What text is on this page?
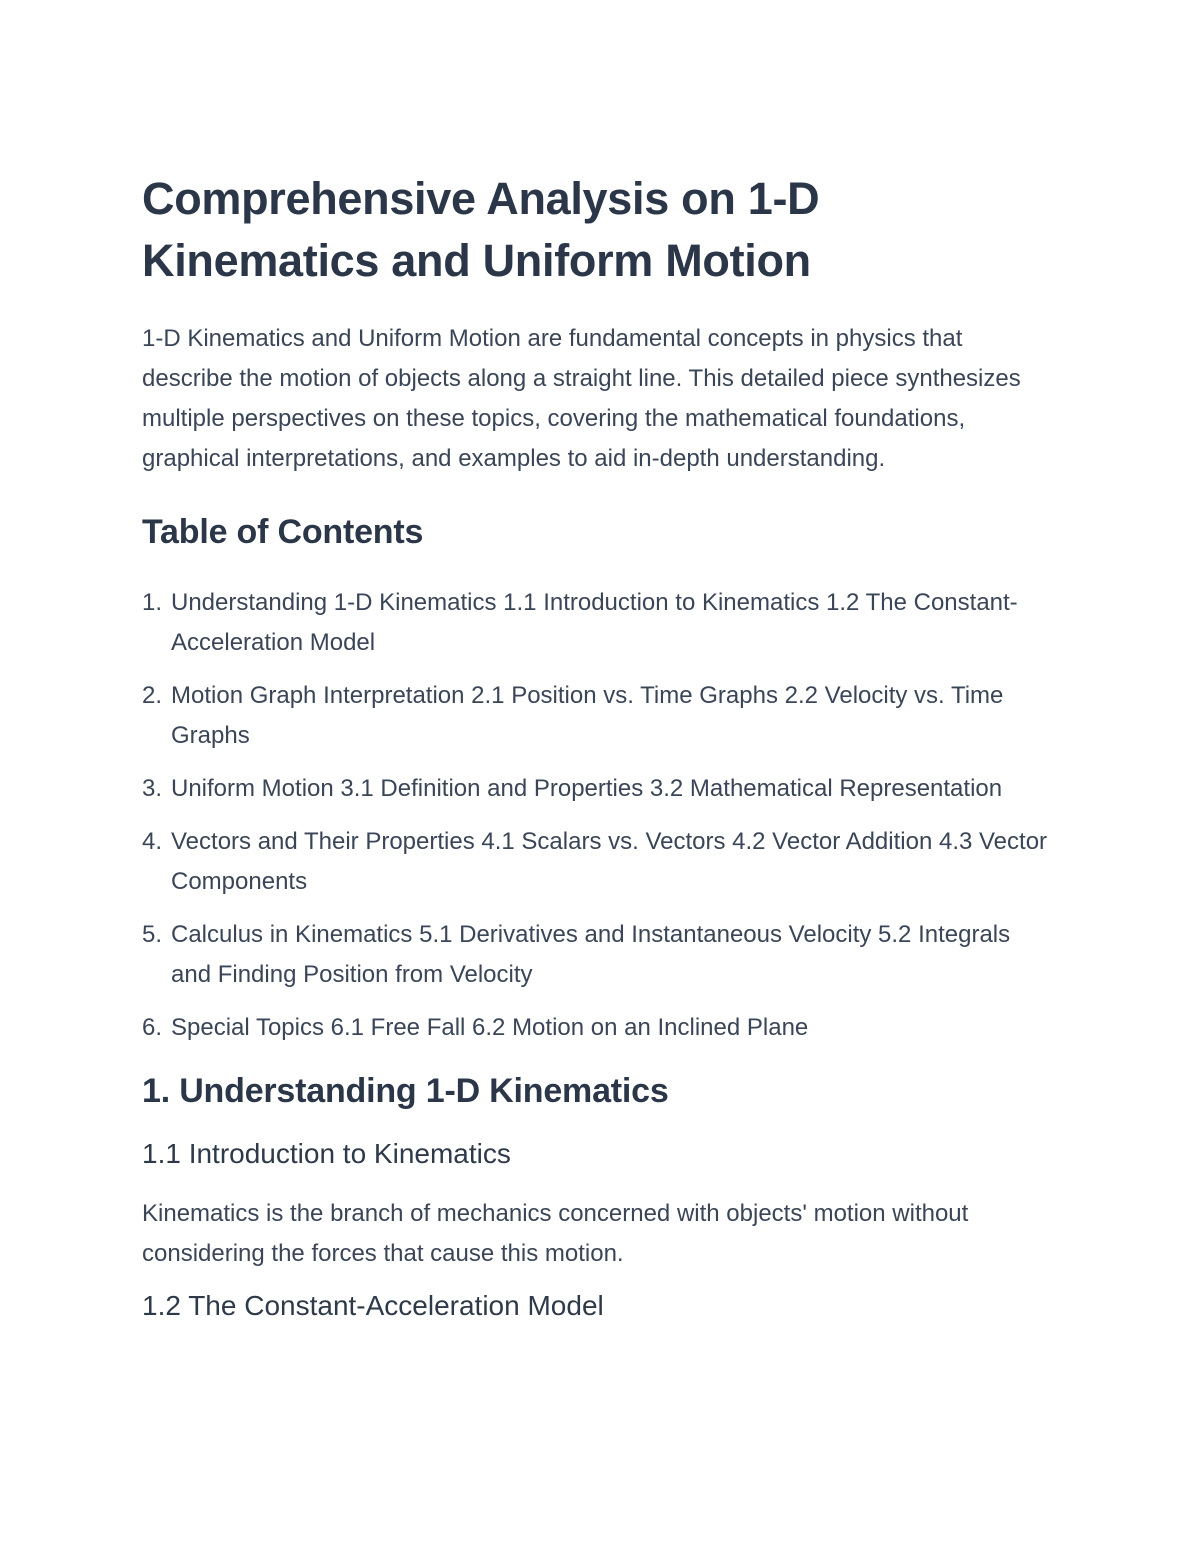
Comprehensive Analysis on 1-D Kinematics and Uniform Motion

1-D Kinematics and Uniform Motion are fundamental concepts in physics that describe the motion of objects along a straight line. This detailed piece synthesizes multiple perspectives on these topics, covering the mathematical foundations, graphical interpretations, and examples to aid in-depth understanding.

Table of Contents
1. Understanding 1-D Kinematics 1.1 Introduction to Kinematics 1.2 The Constant-Acceleration Model
2. Motion Graph Interpretation 2.1 Position vs. Time Graphs 2.2 Velocity vs. Time Graphs
3. Uniform Motion 3.1 Definition and Properties 3.2 Mathematical Representation
4. Vectors and Their Properties 4.1 Scalars vs. Vectors 4.2 Vector Addition 4.3 Vector Components
5. Calculus in Kinematics 5.1 Derivatives and Instantaneous Velocity 5.2 Integrals and Finding Position from Velocity
6. Special Topics 6.1 Free Fall 6.2 Motion on an Inclined Plane
1. Understanding 1-D Kinematics
1.1 Introduction to Kinematics

Kinematics is the branch of mechanics concerned with objects' motion without considering the forces that cause this motion.

1.2 The Constant-Acceleration Model
